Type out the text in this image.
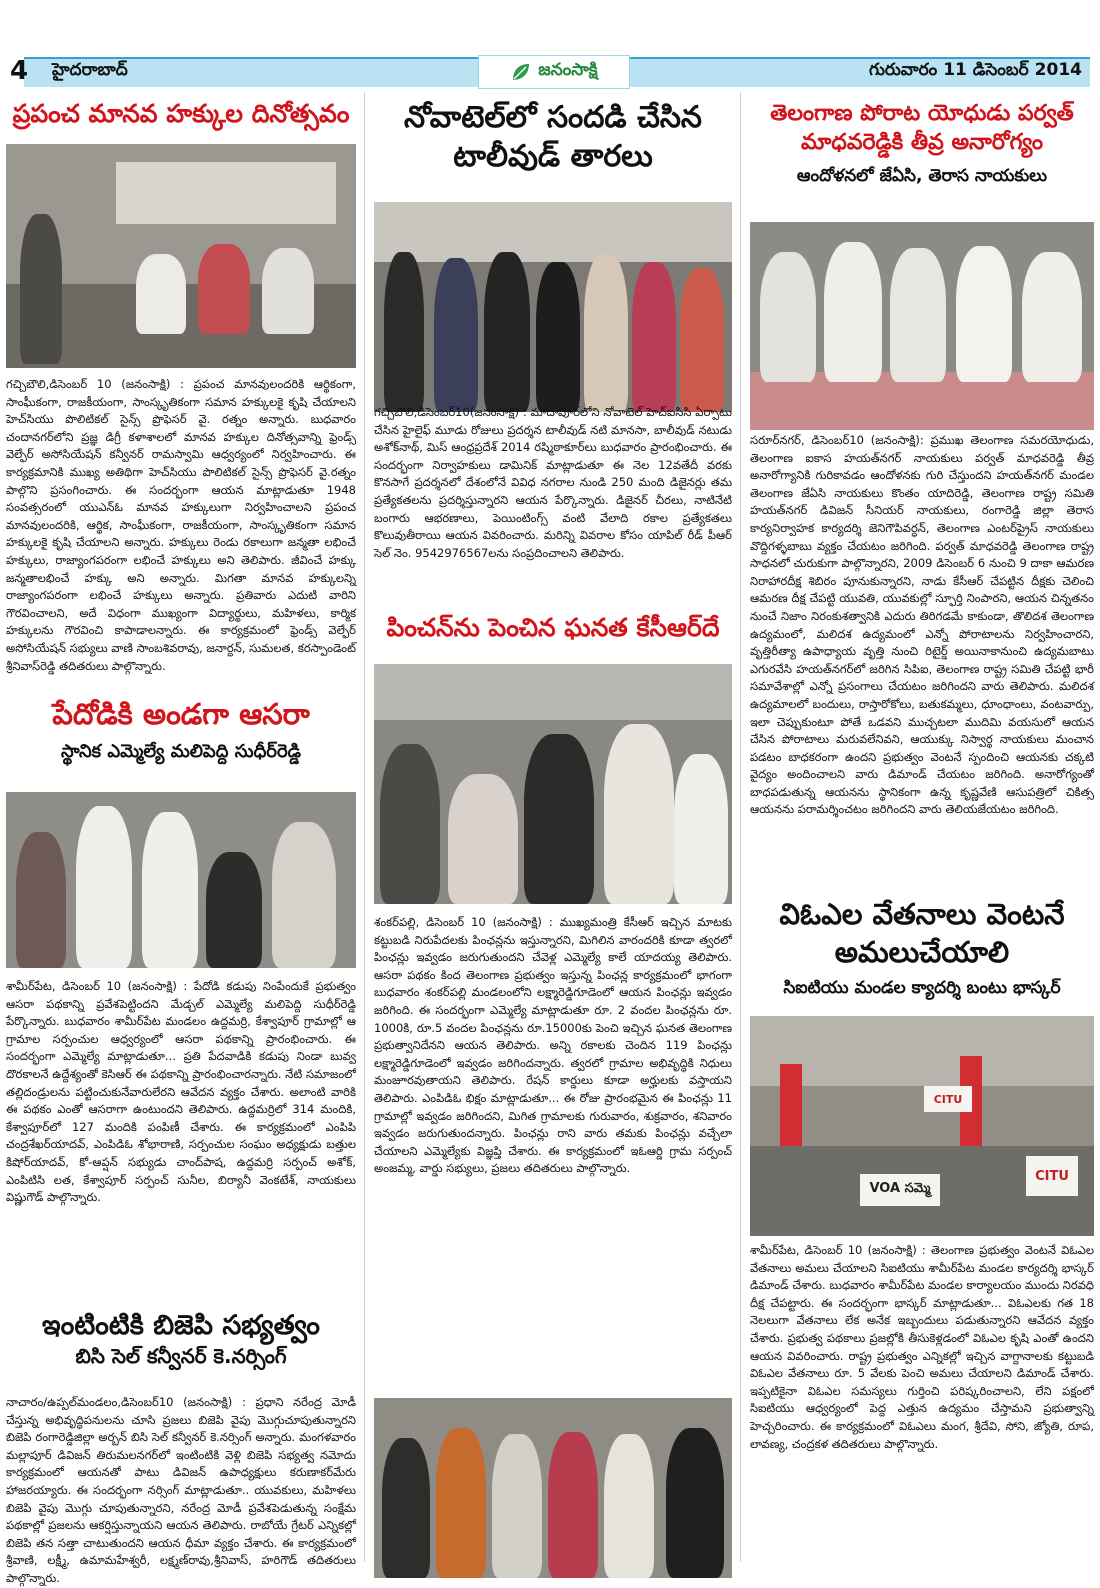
4	హైదరాబాద్	జనంసాక్షి	గురువారం 11 డిసెంబర్ 2014
ప్రపంచ మానవ హక్కుల దినోత్సవం
గచ్చిబౌలి,డిసెంబర్ 10 (జనంసాక్షి) : ప్రపంచ మానవులందరికి ఆర్థికంగా, సాంఘీకంగా, రాజకీయంగా, సాంస్కృతికంగా సమాన హక్కులకై కృషి చేయాలని హెచ్‌సియు పొలిటికల్ సైన్స్ ప్రొఫెసర్ వై. రత్నం అన్నారు. బుధవారం చందానగర్‌లోని ప్రజ్ఞ డిగ్రీ కళాశాలలో మానవ హక్కుల దినోత్సవాన్ని ఫ్రెండ్స్ వెల్ఫేర్ అసోసియేషన్ కన్వీనర్ రామస్వామి ఆధ్వర్యంలో నిర్వహించారు. ఈ కార్యక్రమానికి ముఖ్య అతిథిగా హెచ్‌సియు పొలిటికల్ సైన్స్ ప్రొఫెసర్ వై.రత్నం పాల్గొని ప్రసంగించారు. ఈ సందర్భంగా ఆయన మాట్లాడుతూ 1948 సంవత్సరంలో యుఎన్ఓ మానవ హక్కులుగా నిర్వహించాలని ప్రపంచ మానవులందరికి, ఆర్థిక, సాంఘీకంగా, రాజకీయంగా, సాంస్కృతికంగా సమాన హక్కులకై కృషి చేయాలని అన్నారు. హక్కులు రెండు రకాలుగా జన్మతా లభించే హక్కులు, రాజ్యాంగపరంగా లభించే హక్కులు అని తెలిపారు. జీవించే హక్కు జన్మతాలభించే హక్కు అని అన్నారు. మిగతా మానవ హక్కులన్ని రాజ్యాంగపరంగా లభించే హక్కులు అన్నారు. ప్రతివారు ఎదుటి వారిని గౌరవించాలని, అదే విధంగా ముఖ్యంగా విద్యార్థులు, మహిళలు, కార్మిక హక్కులను గౌరవించి కాపాడాలన్నారు. ఈ కార్యక్రమంలో ఫ్రెండ్స్ వెల్ఫేర్ అసోసియేషన్ సభ్యులు వాణి సాంబశివరావు, జనార్దన్, సుమలత, కరస్పాండెంట్ శ్రీనివాస్‌రెడ్డి తదితరులు పాల్గొన్నారు.
పేదోడికి అండగా ఆసరా
స్థానిక ఎమ్మెల్యే మలిపెద్ది సుధీర్‌రెడ్డి
శామీర్‌పేట, డిసెంబర్ 10 (జనంసాక్షి) : పేదోడి కడుపు నింపేందుకే ప్రభుత్వం ఆసరా పథకాన్ని ప్రవేశపెట్టిందని మేడ్చల్ ఎమ్మెల్యే మలిపెద్ది సుధీర్‌రెడ్డి పేర్కొన్నారు. బుధవారం శామీర్‌పేట మండలం ఉద్దమర్రి, కేశ్వాపూర్ గ్రామాల్లో ఆ గ్రామాల సర్పంచుల ఆధ్వర్యంలో ఆసరా పథకాన్ని ప్రారంభించారు. ఈ సందర్భంగా ఎమ్మెల్యే మాట్లాడుతూ... ప్రతి పేదవాడికి కడుపు నిండా బువ్వ దొరకాలనే ఉద్దేశ్యంతో కెసిఆర్ ఈ పథకాన్ని ప్రారంభించారన్నారు. నేటి సమాజంలో తల్లిదండ్రులను పట్టించుకునేవారులేరని ఆవేదన వ్యక్తం చేశారు. అలాంటి వారికి ఈ పథకం ఎంతో ఆసరాగా ఉంటుందని తెలిపారు. ఉద్దమర్రిలో 314 మందికి, కేశ్వాపూర్‌లో 127 మందికి పంపిణీ చేశారు. ఈ కార్యక్రమంలో ఎంపిపి చంద్రశేఖర్‌యాదవ్, ఎంపిడిఓ శోభారాణి, సర్పంచుల సంఘం అధ్యక్షుడు బత్తుల కిషోర్‌యాదవ్, కో-ఆప్షన్ సభ్యుడు చాంద్‌పాష, ఉద్దమర్రి సర్పంచ్ అశోక్, ఎంపిటిసి లత, కేశ్వాపూర్ సర్పంచ్ సునీల, బిర్యానీ వెంకటేశ్, నాయకులు విష్ణుగౌడ్ పాల్గొన్నారు.
ఇంటింటికి బిజెపి సభ్యత్వం
బిసి సెల్ కన్వీనర్ కె.నర్సింగ్
నాచారం/ఉప్పల్‌మండలం,డిసెంబర్10 (జనంసాక్షి) : ప్రధాని నరేంద్ర మోడీ చేస్తున్న అభివృద్ధిపనులను చూసి ప్రజలు బిజెపి వైపు మొగ్గుచూపుతున్నారని బిజెపి రంగారెడ్డిజిల్లా అర్బన్ బిసి సెల్ కన్వీనర్ కె.నర్సింగ్ అన్నారు. మంగళవారం మల్లాపూర్ డివిజన్ తిరుమలనగర్‌లో ఇంటింటికి వెళ్లి బిజెపి సభ్యత్వ నమోదు కార్యక్రమంలో ఆయనతో పాటు డివిజన్ ఉపాధ్యక్షులు కరుణాకర్‌మేరు హాజరయ్యారు. ఈ సందర్భంగా నర్సింగ్ మాట్లాడుతూ.. యువకులు, మహిళలు బిజెపి వైపు మొగ్గు చూపుతున్నారని, నరేంద్ర మోడీ ప్రవేశపెడుతున్న సంక్షేమ పథకాల్లో ప్రజలను ఆకర్షిస్తున్నాయని ఆయన తెలిపారు. రాబోయే గ్రేటర్ ఎన్నికల్లో బిజెపి తన సత్తా చాటుతుందని ఆయన ధీమా వ్యక్తం చేశారు. ఈ కార్యక్రమంలో శ్రీవాణి, లక్ష్మీ, ఉమామహేశ్వరీ, లక్ష్మణ్‌రావు,శ్రీనివాస్, హరిగౌడ్ తదితరులు పాల్గొన్నారు.
నోవాటెల్‌లో సందడి చేసిన
టాలీవుడ్ తారలు
గచ్చిబౌలి,డిసెంబర్10(జనంసాక్షి) : మాదాపూర్‌లోని నోవాటెల్ హెచ్ఐసిసి ఏర్పాటు చేసిన హైలైఫ్ మూడు రోజులు ప్రదర్శన టాలీవుడ్ నటి మానసా, బాలీవుడ్ నటుడు అశోక్‌నాథ్, మిస్ ఆంధ్రప్రదేశ్ 2014 రష్మిఠాకూర్‌లు బుధవారం ప్రారంభించారు. ఈ సందర్భంగా నిర్వాహకులు డామినిక్ మాట్లాడుతూ ఈ నెల 12వతేదీ వరకు కొనసాగే ప్రదర్శనలో దేశంలోనే వివిధ నగరాల నుండి 250 మంది డిజైనర్లు తమ ప్రత్యేకతలను ప్రదర్శిస్తున్నారని ఆయన పేర్కొన్నారు. డిజైనర్ చీరలు, నాటినేటి బంగారు ఆభరణాలు, పెయింటింగ్స్ వంటి వేలాది రకాల ప్రత్యేకతలు కొలువుతీరాయి ఆయన వివరించారు. మరిన్ని వివరాల కోసం యాపిల్ రీడ్ పీఆర్ సెల్ నెం. 9542976567లను సంప్రదించాలని తెలిపారు.
పించన్‌ను పెంచిన ఘనత కేసీఆర్‌దే
శంకర్‌పల్లి, డిసెంబర్ 10 (జనంసాక్షి) : ముఖ్యమంత్రి కేసీఆర్ ఇచ్చిన మాటకు కట్టుబడి నిరుపేదలకు పింఛన్లను ఇస్తున్నారని, మిగిలిన వారందరికి కూడా త్వరలో పింఛన్లు ఇవ్వడం జరుగుతుందని చేవెళ్ల ఎమ్మెల్యే కాలే యాదయ్య తెలిపారు. ఆసరా పథకం కింద తెలంగాణ ప్రభుత్వం ఇస్తున్న పింఛన్ల కార్యక్రమంలో భాగంగా బుధవారం శంకర్‌పల్లి మండలంలోని లక్ష్మారెడ్డిగూడెంలో ఆయన పింఛన్లు ఇవ్వడం జరిగింది. ఈ సందర్భంగా ఎమ్మెల్యే మాట్లాడుతూ రూ. 2 వందల పింఛన్లను రూ. 1000కి, రూ.5 వందల పింఛన్లను రూ.15000కు పెంచి ఇచ్చిన ఘనత తెలంగాణ ప్రభుత్వానిదేనని ఆయన తెలిపారు. అన్ని రకాలకు చెందిన 119 పింఛన్లు లక్ష్మారెడ్డిగూడెంలో ఇవ్వడం జరిగిందన్నారు. త్వరలో గ్రామాల అభివృద్ధికి నిధులు మంజూరవుతాయని తెలిపారు. రేషన్ కార్డులు కూడా అర్హులకు వస్తాయని తెలిపారు. ఎంపిడిఓ భిక్షం మాట్లాడుతూ... ఈ రోజు ప్రారంభమైన ఈ పింఛన్లు 11 గ్రామాల్లో ఇవ్వడం జరిగిందని, మిగిత గ్రామాలకు గురువారం, శుక్రవారం, శనివారం ఇవ్వడం జరుగుతుందన్నారు. పింఛన్లు రాని వారు తమకు పింఛన్లు వచ్చేలా చేయాలని ఎమ్మెల్యేకు విజ్ఞప్తి చేశారు. ఈ కార్యక్రమంలో ఇఓఆర్డి గ్రామ సర్పంచ్ అంజమ్మ, వార్డు సభ్యులు, ప్రజలు తదితరులు పాల్గొన్నారు.
తెలంగాణ పోరాట యోధుడు పర్వత్
మాధవరెడ్డికి తీవ్ర అనారోగ్యం
ఆందోళనలో జేఏసి, తెరాస నాయకులు
సరూర్‌నగర్, డిసెంబర్10 (జనంసాక్షి): ప్రముఖ తెలంగాణ సమరయోధుడు, తెలంగాణ ఐకాస హయత్‌నగర్ నాయకులు పర్వత్ మాధవరెడ్డి తీవ్ర అనారోగ్యానికి గురికావడం ఆందోళనకు గురి చేస్తుందని హయత్‌నగర్ మండల తెలంగాణ జేఏసి నాయకులు కొంతం యాదిరెడ్డి, తెలంగాణ రాష్ట్ర సమితి హయత్‌నగర్ డివిజన్ సీనియర్ నాయకులు, రంగారెడ్డి జిల్లా తెరాస కార్యనిర్వాహక కార్యదర్శి జెనిగౌపివర్ధన్, తెలంగాణ ఎంటర్‌ప్రైస్ నాయకులు వొద్దిగళ్ళబాబు వ్యక్తం చేయటం జరిగింది. పర్వత్ మాధవరెడ్డి తెలంగాణ రాష్ట్ర సాధనలో చురుకుగా పాల్గొన్నారని, 2009 డిసెంబర్ 6 నుంచి 9 దాకా ఆమరణ నిరాహారదీక్ష శిబిరం పూనుకున్నారని, నాడు కేసీఆర్ చేపట్టిన దీక్షకు చెలించి ఆమరణ దీక్ష చేపట్టి యువతి, యువకుల్లో స్ఫూర్తి నింపారని, ఆయన చిన్నతనం నుంచే నిజాం నిరంకుశత్వానికి ఎదురు తిరిగడమే కాకుండా, తొలిదశ తెలంగాణ ఉద్యమంలో, మలిదశ ఉద్యమంలో ఎన్నో పోరాటాలను నిర్వహించారని, వృత్తిరీత్యా ఉపాధ్యాయ వృత్తి నుంచి రిటైర్డ్ అయినాకానుంచి ఉద్యమబాటు ఎగురవేసి హయత్‌నగర్‌లో జరిగిన సిపిఐ, తెలంగాణ రాష్ట్ర సమితి చేపట్టి భారీ సమావేశాల్లో ఎన్నో ప్రసంగాలు చేయటం జరిగిందని వారు తెలిపారు. మలిదశ ఉద్యమాలలో బందులు, రాస్తారోకోలు, బతుకమ్మలు, ధూంధాంలు, వంటవార్పు, ఇలా చెప్పుకుంటూ పోతే ఒడవని ముచ్చటలా ముదిమి వయసులో ఆయన చేసిన పోరాటాలు మరువలేనివని, ఆయుక్కు నిస్వార్థ నాయకులు మంచాన పడటం బాధకరంగా ఉందని ప్రభుత్వం వెంటనే స్పందించి ఆయనకు చక్కటి వైద్యం అందించాలని వారు డిమాండ్ చేయటం జరిగింది. అనారోగ్యంతో బాధపడుతున్న ఆయనను స్థానికంగా ఉన్న కృష్ణవేణి ఆసుపత్రిలో చికిత్స ఆయనను పరామర్శించటం జరిగిందని వారు తెలియజేయటం జరిగింది.
విఓఎల వేతనాలు వెంటనే
అమలుచేయాలి
సిఐటియు మండల క్యాదర్శి బంటు భాస్కర్
VOA సమ్మె
CITU
CITU
శామీర్‌పేట, డిసెంబర్ 10 (జనంసాక్షి) : తెలంగాణ ప్రభుత్వం వెంటనే విఓఎల వేతనాలు అమలు చేయాలని సిఐటియు శామీర్‌పేట మండల కార్యదర్శి భాస్కర్ డిమాండ్ చేశారు. బుధవారం శామీర్‌పేట మండల కార్యాలయం ముందు నిరవధి దీక్ష చేపట్టారు. ఈ సందర్భంగా భాస్కర్ మాట్లాడుతూ... విఓఎలకు గత 18 నెలలుగా వేతనాలు లేక అనేక ఇబ్బందులు పడుతున్నారని ఆవేదన వ్యక్తం చేశారు. ప్రభుత్వ పథకాలు ప్రజల్లోకి తీసుకెళ్లడంలో విఓఎల కృషి ఎంతో ఉందని ఆయన వివరించారు. రాష్ట్ర ప్రభుత్వం ఎన్నికల్లో ఇచ్చిన వాగ్దానాలకు కట్టుబడి విఓఎల వేతనాలు రూ. 5 వేలకు పెంచి అమలు చేయాలని డిమాండ్ చేశారు. ఇప్పటికైనా విఓఎల సమస్యలు గుర్తించి పరిష్కరించాలని, లేని పక్షంలో సిఐటియు ఆధ్వర్యంలో పెద్ద ఎత్తున ఉద్యమం చేస్తామని ప్రభుత్వాన్ని హెచ్చరించారు. ఈ కార్యక్రమంలో విఓఎలు మంగ, శ్రీదేవి, సోని, జ్యోతి, రూప, లావణ్య, చంద్రకళ తదితరులు పాల్గొన్నారు.
